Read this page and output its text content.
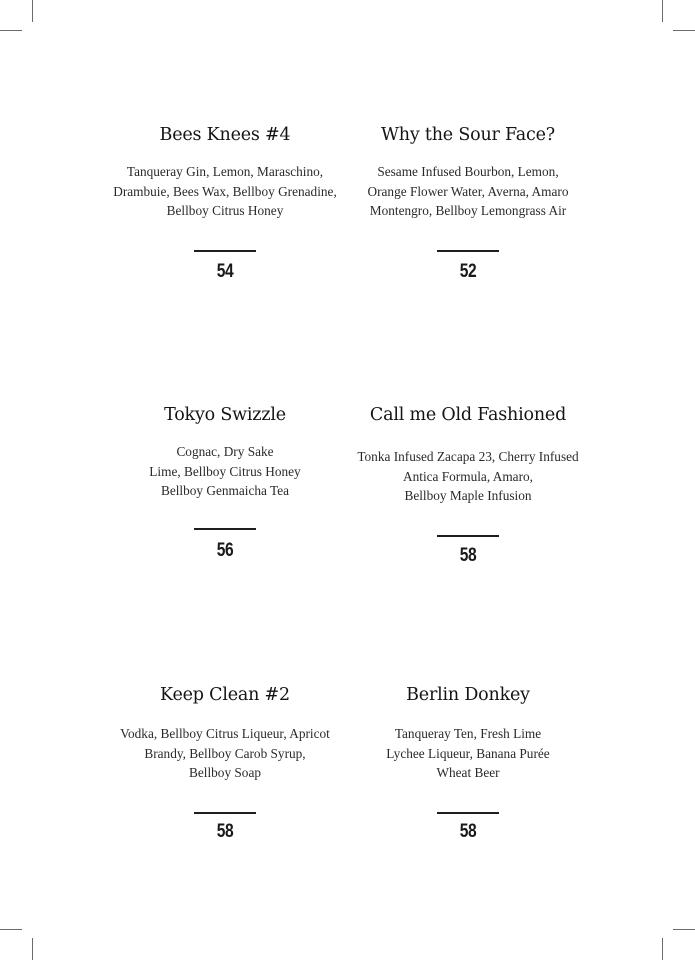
Bees Knees #4

Tanqueray Gin, Lemon, Maraschino,

Drambuie, Bees Wax, Bellboy Grenadine,

Bellboy Citrus Honey

54
Why the Sour Face?

Sesame Infused Bourbon, Lemon,

Orange Flower Water, Averna, Amaro

Montengro, Bellboy Lemongrass Air

52
Tokyo Swizzle

Cognac, Dry Sake

Lime, Bellboy Citrus Honey

Bellboy Genmaicha Tea

56
Call me Old Fashioned

Tonka Infused Zacapa 23, Cherry Infused

Antica Formula, Amaro,

Bellboy Maple Infusion

58
Keep Clean #2

Vodka, Bellboy Citrus Liqueur, Apricot

Brandy, Bellboy Carob Syrup,

Bellboy Soap

58
Berlin Donkey

Tanqueray Ten, Fresh Lime

Lychee Liqueur, Banana Purée

Wheat Beer

58
